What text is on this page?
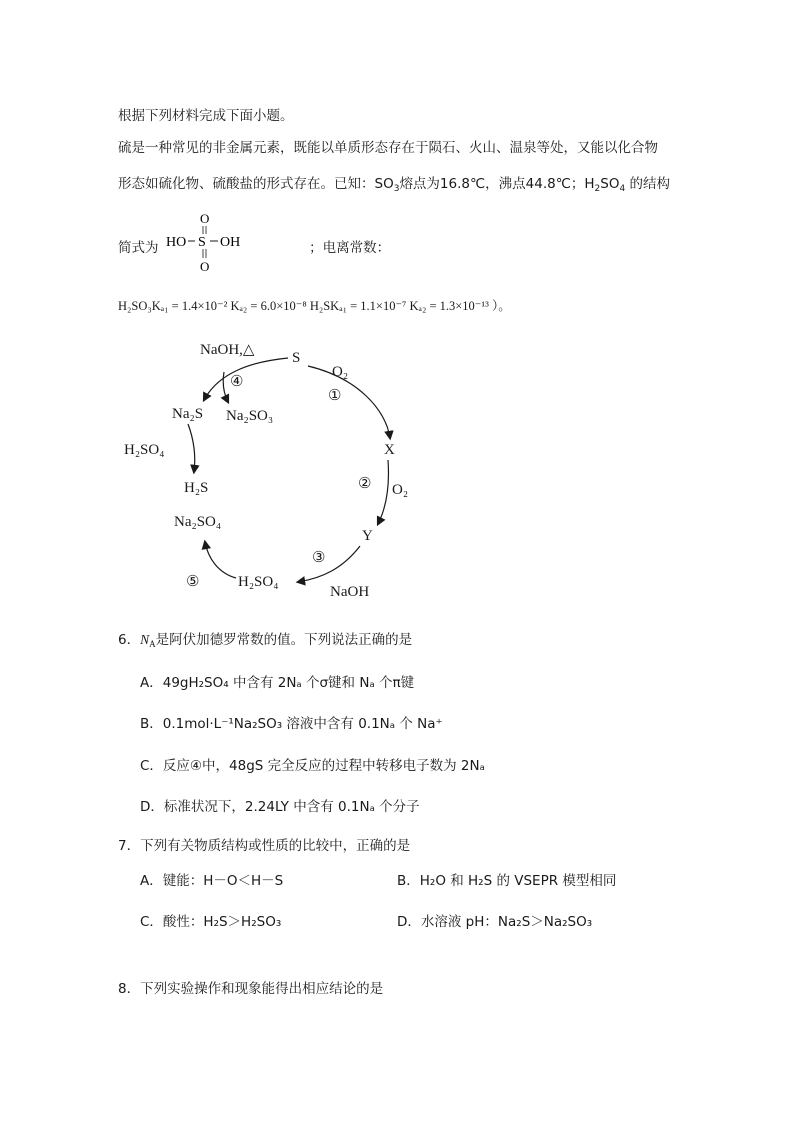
根据下列材料完成下面小题。
硫是一种常见的非金属元素，既能以单质形态存在于陨石、火山、温泉等处，又能以化合物
形态如硫化物、硫酸盐的形式存在。已知：$SO_3$熔点为16.8℃，沸点44.8℃；$H_2SO_4$ 的结构
简式为	；电离常数：
HO S OH
O
O
H₂SO₃Kₐ₁ = 1.4×10⁻² Kₐ₂ = 6.0×10⁻⁸ H₂SKₐ₁ = 1.1×10⁻⁷ Kₐ₂ = 1.3×10⁻¹³ ）。
S
O₂
①
X
② O₂
Y
③
NaOH
H₂SO₄
⑤
Na₂SO₄
H₂S
H₂SO₄
Na₂S Na₂SO₃
④
NaOH,△
6．$N_A$是阿伏加德罗常数的值。下列说法正确的是
A．49gH₂SO₄ 中含有 2Nₐ 个σ键和 Nₐ 个π键
B．0.1mol·L⁻¹Na₂SO₃ 溶液中含有 0.1Nₐ 个 Na⁺
C．反应④中，48gS 完全反应的过程中转移电子数为 2Nₐ
D．标准状况下，2.24LY 中含有 0.1Nₐ 个分子
7．下列有关物质结构或性质的比较中，正确的是
A．键能：H－O＜H－S	B．H₂O 和 H₂S 的 VSEPR 模型相同
C．酸性：H₂S＞H₂SO₃	D．水溶液 pH：Na₂S＞Na₂SO₃
8．下列实验操作和现象能得出相应结论的是
